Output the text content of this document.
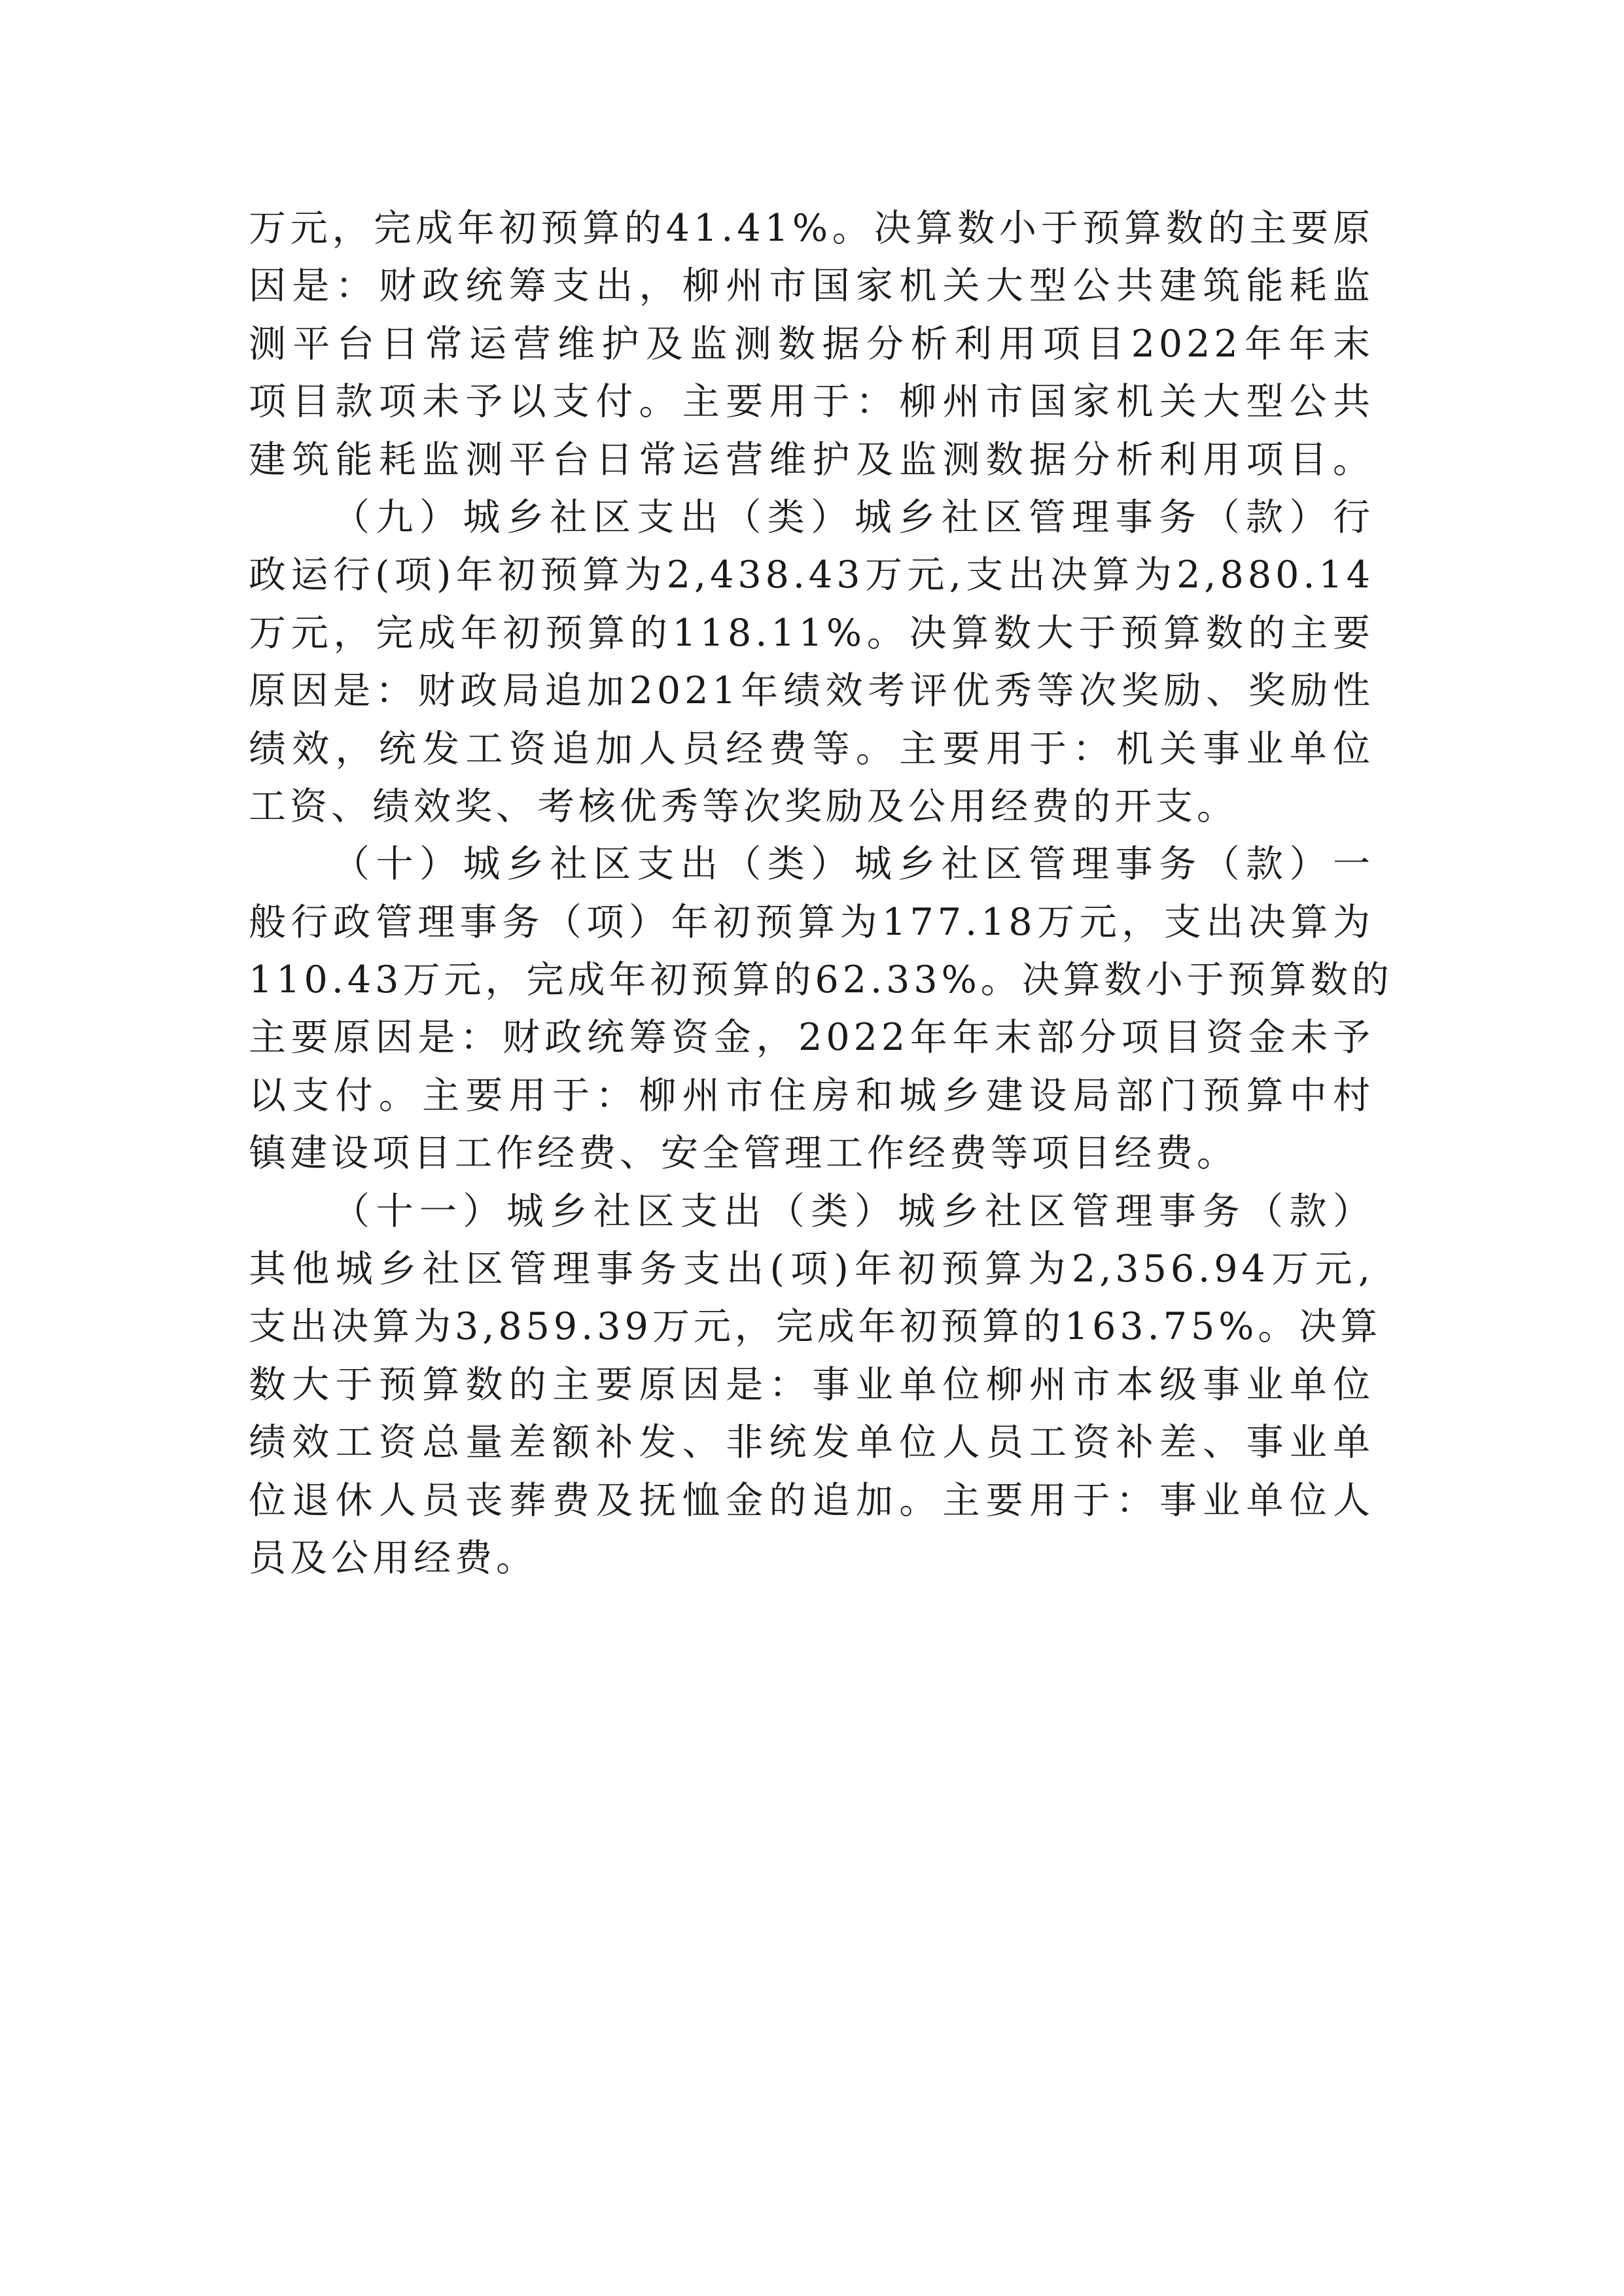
万元，完成年初预算的41.41%。决算数小于预算数的主要原
因是：财政统筹支出，柳州市国家机关大型公共建筑能耗监
测平台日常运营维护及监测数据分析利用项目2022年年末
项目款项未予以支付。主要用于：柳州市国家机关大型公共
建筑能耗监测平台日常运营维护及监测数据分析利用项目。
（九）城乡社区支出（类）城乡社区管理事务（款）行
政运行(项)年初预算为2,438.43万元,支出决算为2,880.14
万元，完成年初预算的118.11%。决算数大于预算数的主要
原因是：财政局追加2021年绩效考评优秀等次奖励、奖励性
绩效，统发工资追加人员经费等。主要用于：机关事业单位
工资、绩效奖、考核优秀等次奖励及公用经费的开支。
（十）城乡社区支出（类）城乡社区管理事务（款）一
般行政管理事务（项）年初预算为177.18万元，支出决算为
110.43万元，完成年初预算的62.33%。决算数小于预算数的
主要原因是：财政统筹资金，2022年年末部分项目资金未予
以支付。主要用于：柳州市住房和城乡建设局部门预算中村
镇建设项目工作经费、安全管理工作经费等项目经费。
（十一）城乡社区支出（类）城乡社区管理事务（款）
其他城乡社区管理事务支出(项)年初预算为2,356.94万元,
支出决算为3,859.39万元，完成年初预算的163.75%。决算
数大于预算数的主要原因是：事业单位柳州市本级事业单位
绩效工资总量差额补发、非统发单位人员工资补差、事业单
位退休人员丧葬费及抚恤金的追加。主要用于：事业单位人
员及公用经费。
